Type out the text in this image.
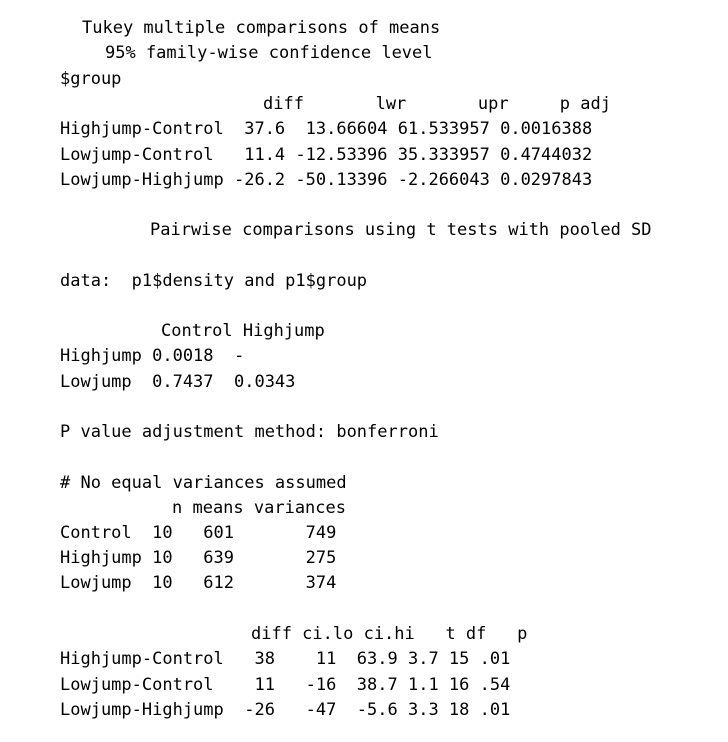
Tukey multiple comparisons of means
95% family-wise confidence level
$group
diff       lwr       upr     p adj
Highjump-Control  37.6  13.66604 61.533957 0.0016388
Lowjump-Control   11.4 -12.53396 35.333957 0.4744032
Lowjump-Highjump -26.2 -50.13396 -2.266043 0.0297843
Pairwise comparisons using t tests with pooled SD
data:  p1$density and p1$group
Control Highjump
Highjump 0.0018  -
Lowjump  0.7437  0.0343
P value adjustment method: bonferroni
# No equal variances assumed
n means variances
Control  10   601       749
Highjump 10   639       275
Lowjump  10   612       374
diff ci.lo ci.hi   t df   p
Highjump-Control   38    11  63.9 3.7 15 .01
Lowjump-Control    11   -16  38.7 1.1 16 .54
Lowjump-Highjump  -26   -47  -5.6 3.3 18 .01
